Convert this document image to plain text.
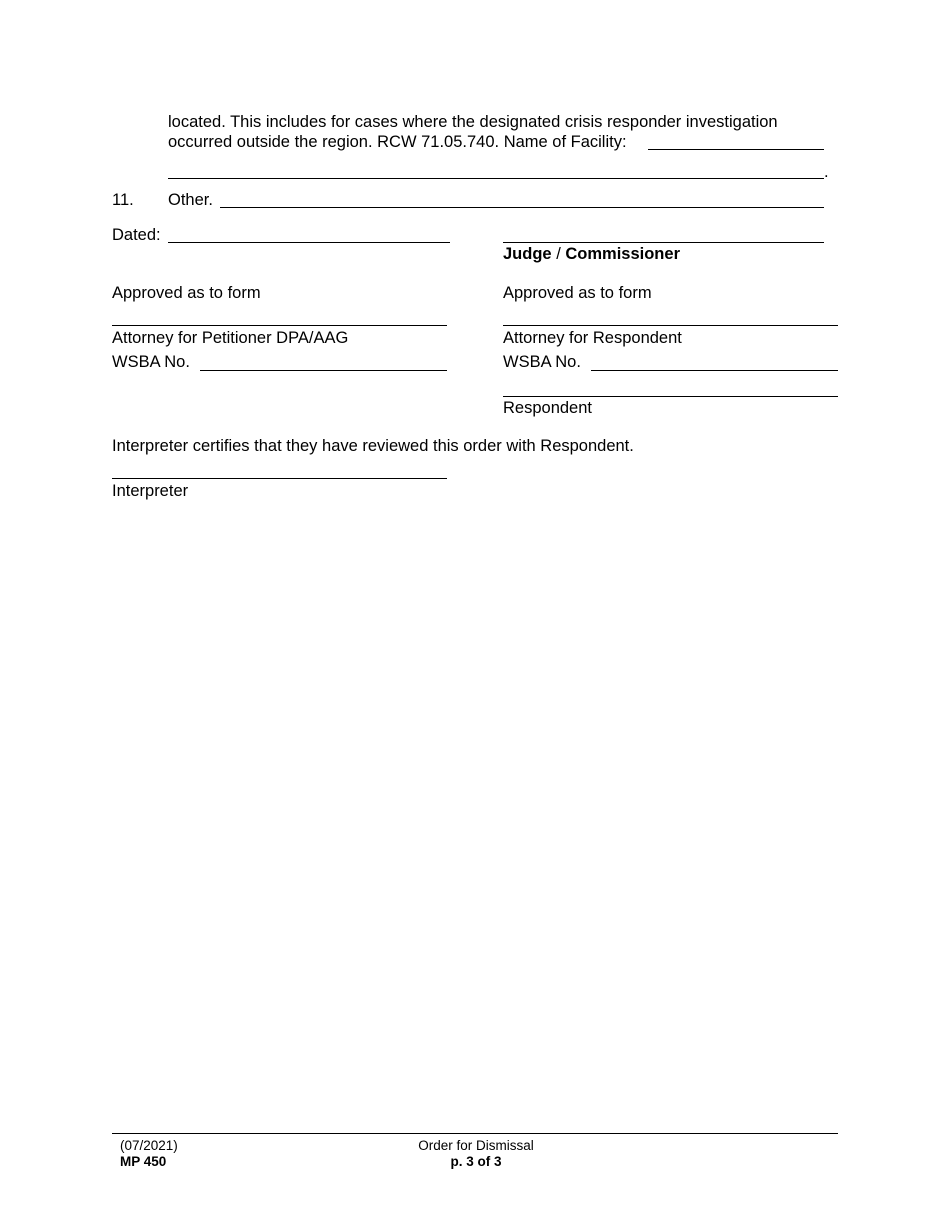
located. This includes for cases where the designated crisis responder investigation
occurred outside the region. RCW 71.05.740. Name of Facility:
.
11. Other.
Dated:
Judge / Commissioner
Approved as to form	Approved as to form
Attorney for Petitioner DPA/AAG	Attorney for Respondent
WSBA No.	WSBA No.
Respondent
Interpreter certifies that they have reviewed this order with Respondent.
Interpreter
(07/2021)
MP 450
Order for Dismissal
p. 3 of 3
